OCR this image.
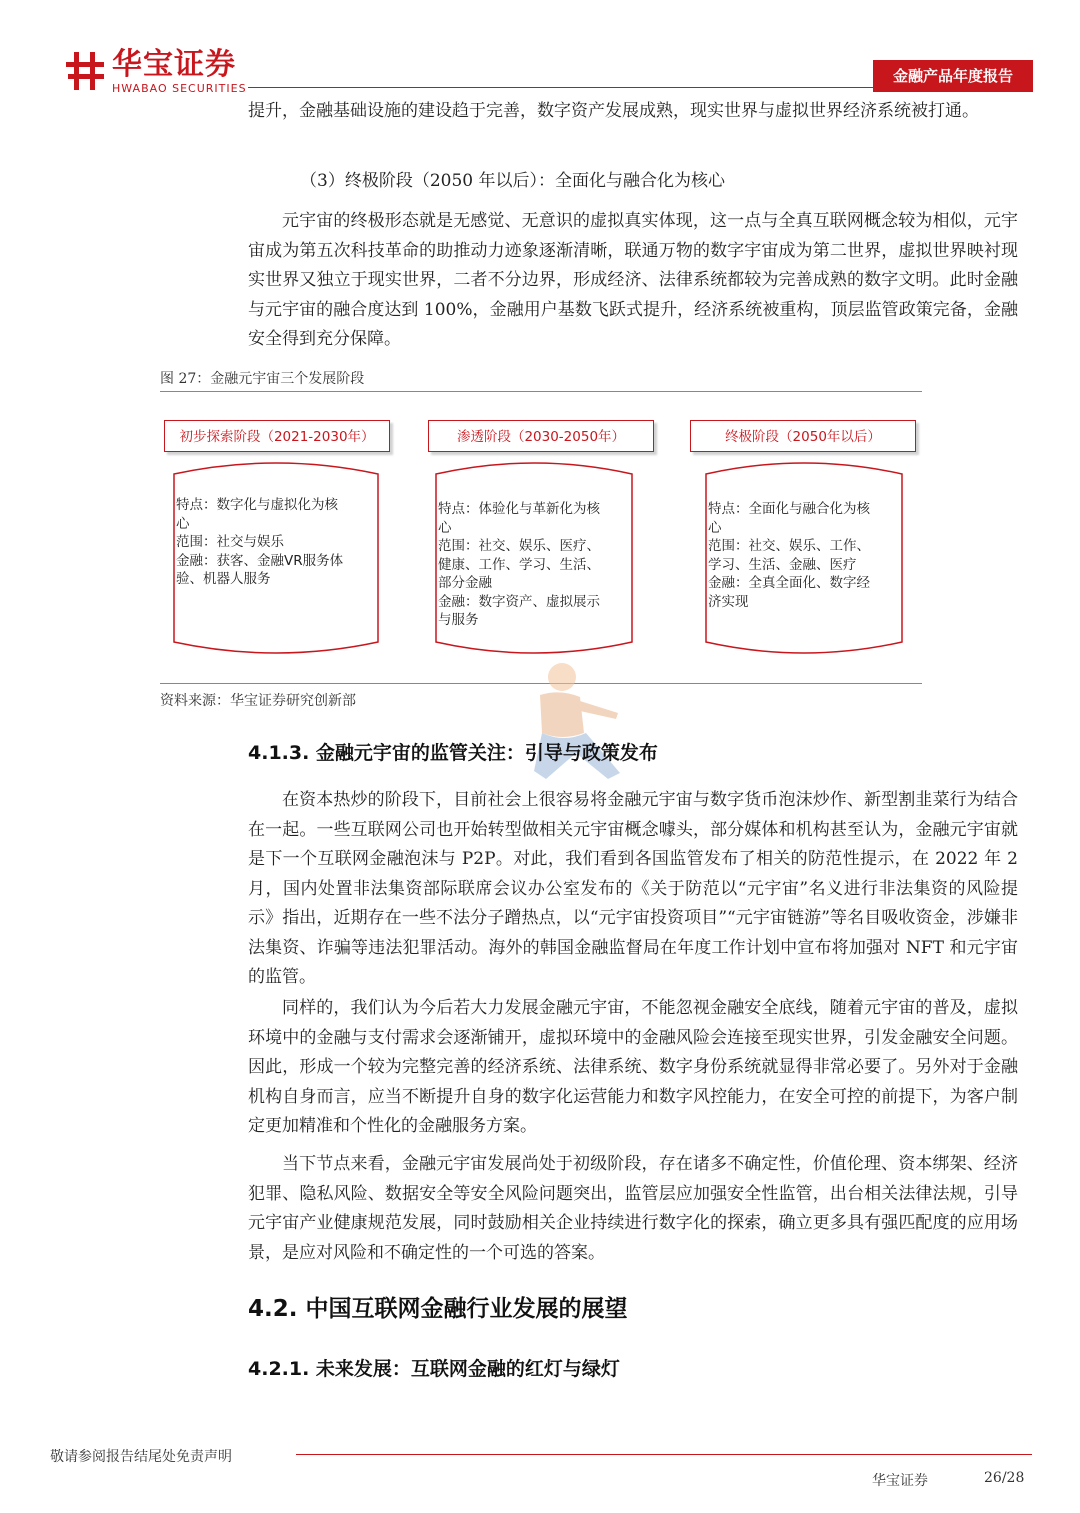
华宝证券
HWABAO SECURITIES
金融产品年度报告

提升，金融基础设施的建设趋于完善，数字资产发展成熟，现实世界与虚拟世界经济系统被打通。

（3）终极阶段（2050 年以后）：全面化与融合化为核心

元宇宙的终极形态就是无感觉、无意识的虚拟真实体现，这一点与全真互联网概念较为相似，元宇宙成为第五次科技革命的助推动力迹象逐渐清晰，联通万物的数字宇宙成为第二世界，虚拟世界映衬现实世界又独立于现实世界，二者不分边界，形成经济、法律系统都较为完善成熟的数字文明。此时金融与元宇宙的融合度达到 100%，金融用户基数飞跃式提升，经济系统被重构，顶层监管政策完备，金融安全得到充分保障。

图 27：金融元宇宙三个发展阶段
初步探索阶段（2021-2030年）
特点：数字化与虚拟化为核
心
范围：社交与娱乐
金融：获客、金融VR服务体
验、机器人服务
渗透阶段（2030-2050年）
特点：体验化与革新化为核
心
范围：社交、娱乐、医疗、
健康、工作、学习、生活、
部分金融
金融：数字资产、虚拟展示
与服务
终极阶段（2050年以后）
特点：全面化与融合化为核
心
范围：社交、娱乐、工作、
学习、生活、金融、医疗
金融：全真全面化、数字经
济实现
资料来源：华宝证券研究创新部
4.1.3. 金融元宇宙的监管关注：引导与政策发布

在资本热炒的阶段下，目前社会上很容易将金融元宇宙与数字货币泡沫炒作、新型割韭菜行为结合在一起。一些互联网公司也开始转型做相关元宇宙概念噱头，部分媒体和机构甚至认为，金融元宇宙就是下一个互联网金融泡沫与 P2P。对此，我们看到各国监管发布了相关的防范性提示，在 2022 年 2 月，国内处置非法集资部际联席会议办公室发布的《关于防范以“元宇宙”名义进行非法集资的风险提示》指出，近期存在一些不法分子蹭热点，以“元宇宙投资项目”“元宇宙链游”等名目吸收资金，涉嫌非法集资、诈骗等违法犯罪活动。海外的韩国金融监督局在年度工作计划中宣布将加强对 NFT 和元宇宙的监管。

同样的，我们认为今后若大力发展金融元宇宙，不能忽视金融安全底线，随着元宇宙的普及，虚拟环境中的金融与支付需求会逐渐铺开，虚拟环境中的金融风险会连接至现实世界，引发金融安全问题。因此，形成一个较为完整完善的经济系统、法律系统、数字身份系统就显得非常必要了。另外对于金融机构自身而言，应当不断提升自身的数字化运营能力和数字风控能力，在安全可控的前提下，为客户制定更加精准和个性化的金融服务方案。

当下节点来看，金融元宇宙发展尚处于初级阶段，存在诸多不确定性，价值伦理、资本绑架、经济犯罪、隐私风险、数据安全等安全风险问题突出，监管层应加强安全性监管，出台相关法律法规，引导元宇宙产业健康规范发展，同时鼓励相关企业持续进行数字化的探索，确立更多具有强匹配度的应用场景，是应对风险和不确定性的一个可选的答案。

4.2. 中国互联网金融行业发展的展望
4.2.1. 未来发展：互联网金融的红灯与绿灯
敬请参阅报告结尾处免责声明
华宝证券	26/28
